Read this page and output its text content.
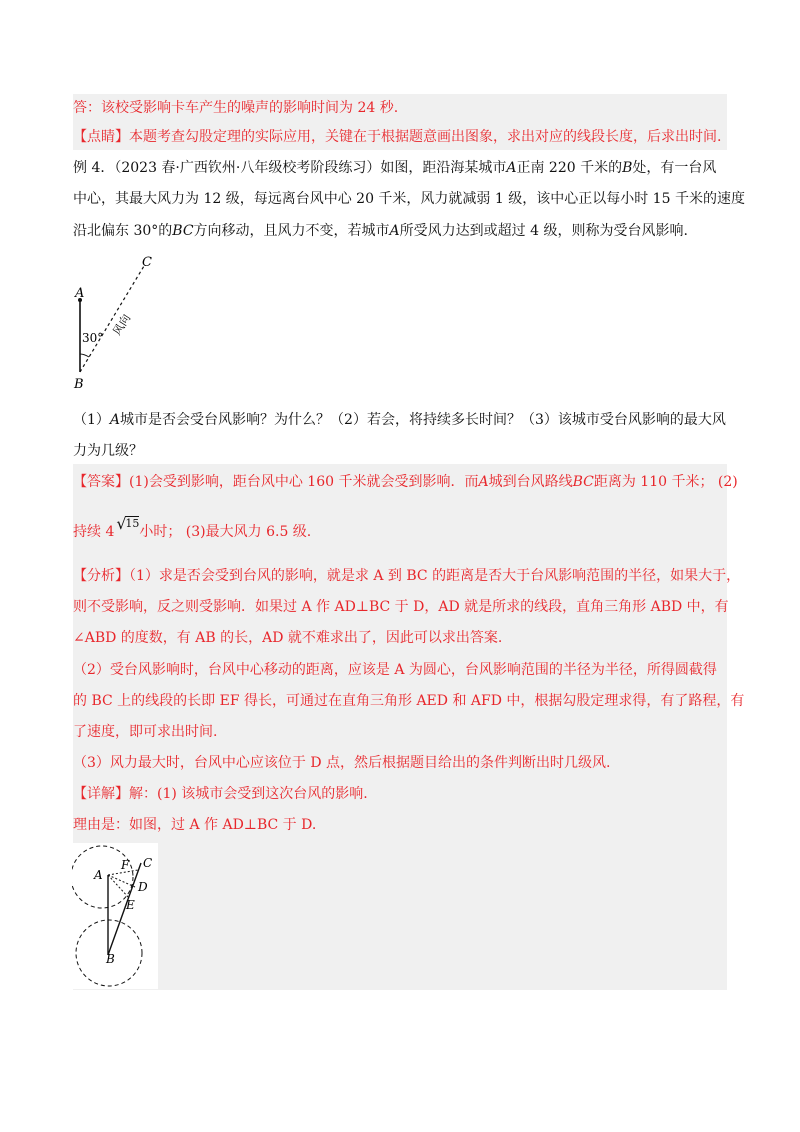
答：该校受影响卡车产生的噪声的影响时间为 24 秒.
【点睛】本题考查勾股定理的实际应用，关键在于根据题意画出图象，求出对应的线段长度，后求出时间.
例 4．（2023 春·广西钦州·八年级校考阶段练习）如图，距沿海某城市A正南 220 千米的B处，有一台风
中心，其最大风力为 12 级，每远离台风中心 20 千米，风力就减弱 1 级，该中心正以每小时 15 千米的速度
沿北偏东 30°的BC方向移动，且风力不变，若城市A所受风力达到或超过 4 级，则称为受台风影响.
A
B
C
30°
风向
（1）A城市是否会受台风影响？为什么？（2）若会，将持续多长时间？（3）该城市受台风影响的最大风
力为几级？
【答案】(1)会受到影响，距台风中心 160 千米就会受到影响．而A城到台风路线BC距离为 110 千米； (2)
持续 4 √
$^{15}$小时； (3)最大风力 6.5 级.
【分析】（1）求是否会受到台风的影响，就是求 A 到 BC 的距离是否大于台风影响范围的半径，如果大于，
则不受影响，反之则受影响．如果过 A 作 AD⊥BC 于 D，AD 就是所求的线段，直角三角形 ABD 中，有
∠ABD 的度数，有 AB 的长，AD 就不难求出了，因此可以求出答案.
（2）受台风影响时，台风中心移动的距离，应该是 A 为圆心，台风影响范围的半径为半径，所得圆截得
的 BC 上的线段的长即 EF 得长，可通过在直角三角形 AED 和 AFD 中，根据勾股定理求得，有了路程，有
了速度，即可求出时间.
（3）风力最大时，台风中心应该位于 D 点，然后根据题目给出的条件判断出时几级风.
【详解】解：(1) 该城市会受到这次台风的影响.
理由是：如图，过 A 作 AD⊥BC 于 D.
A
B
C
F
D
E
